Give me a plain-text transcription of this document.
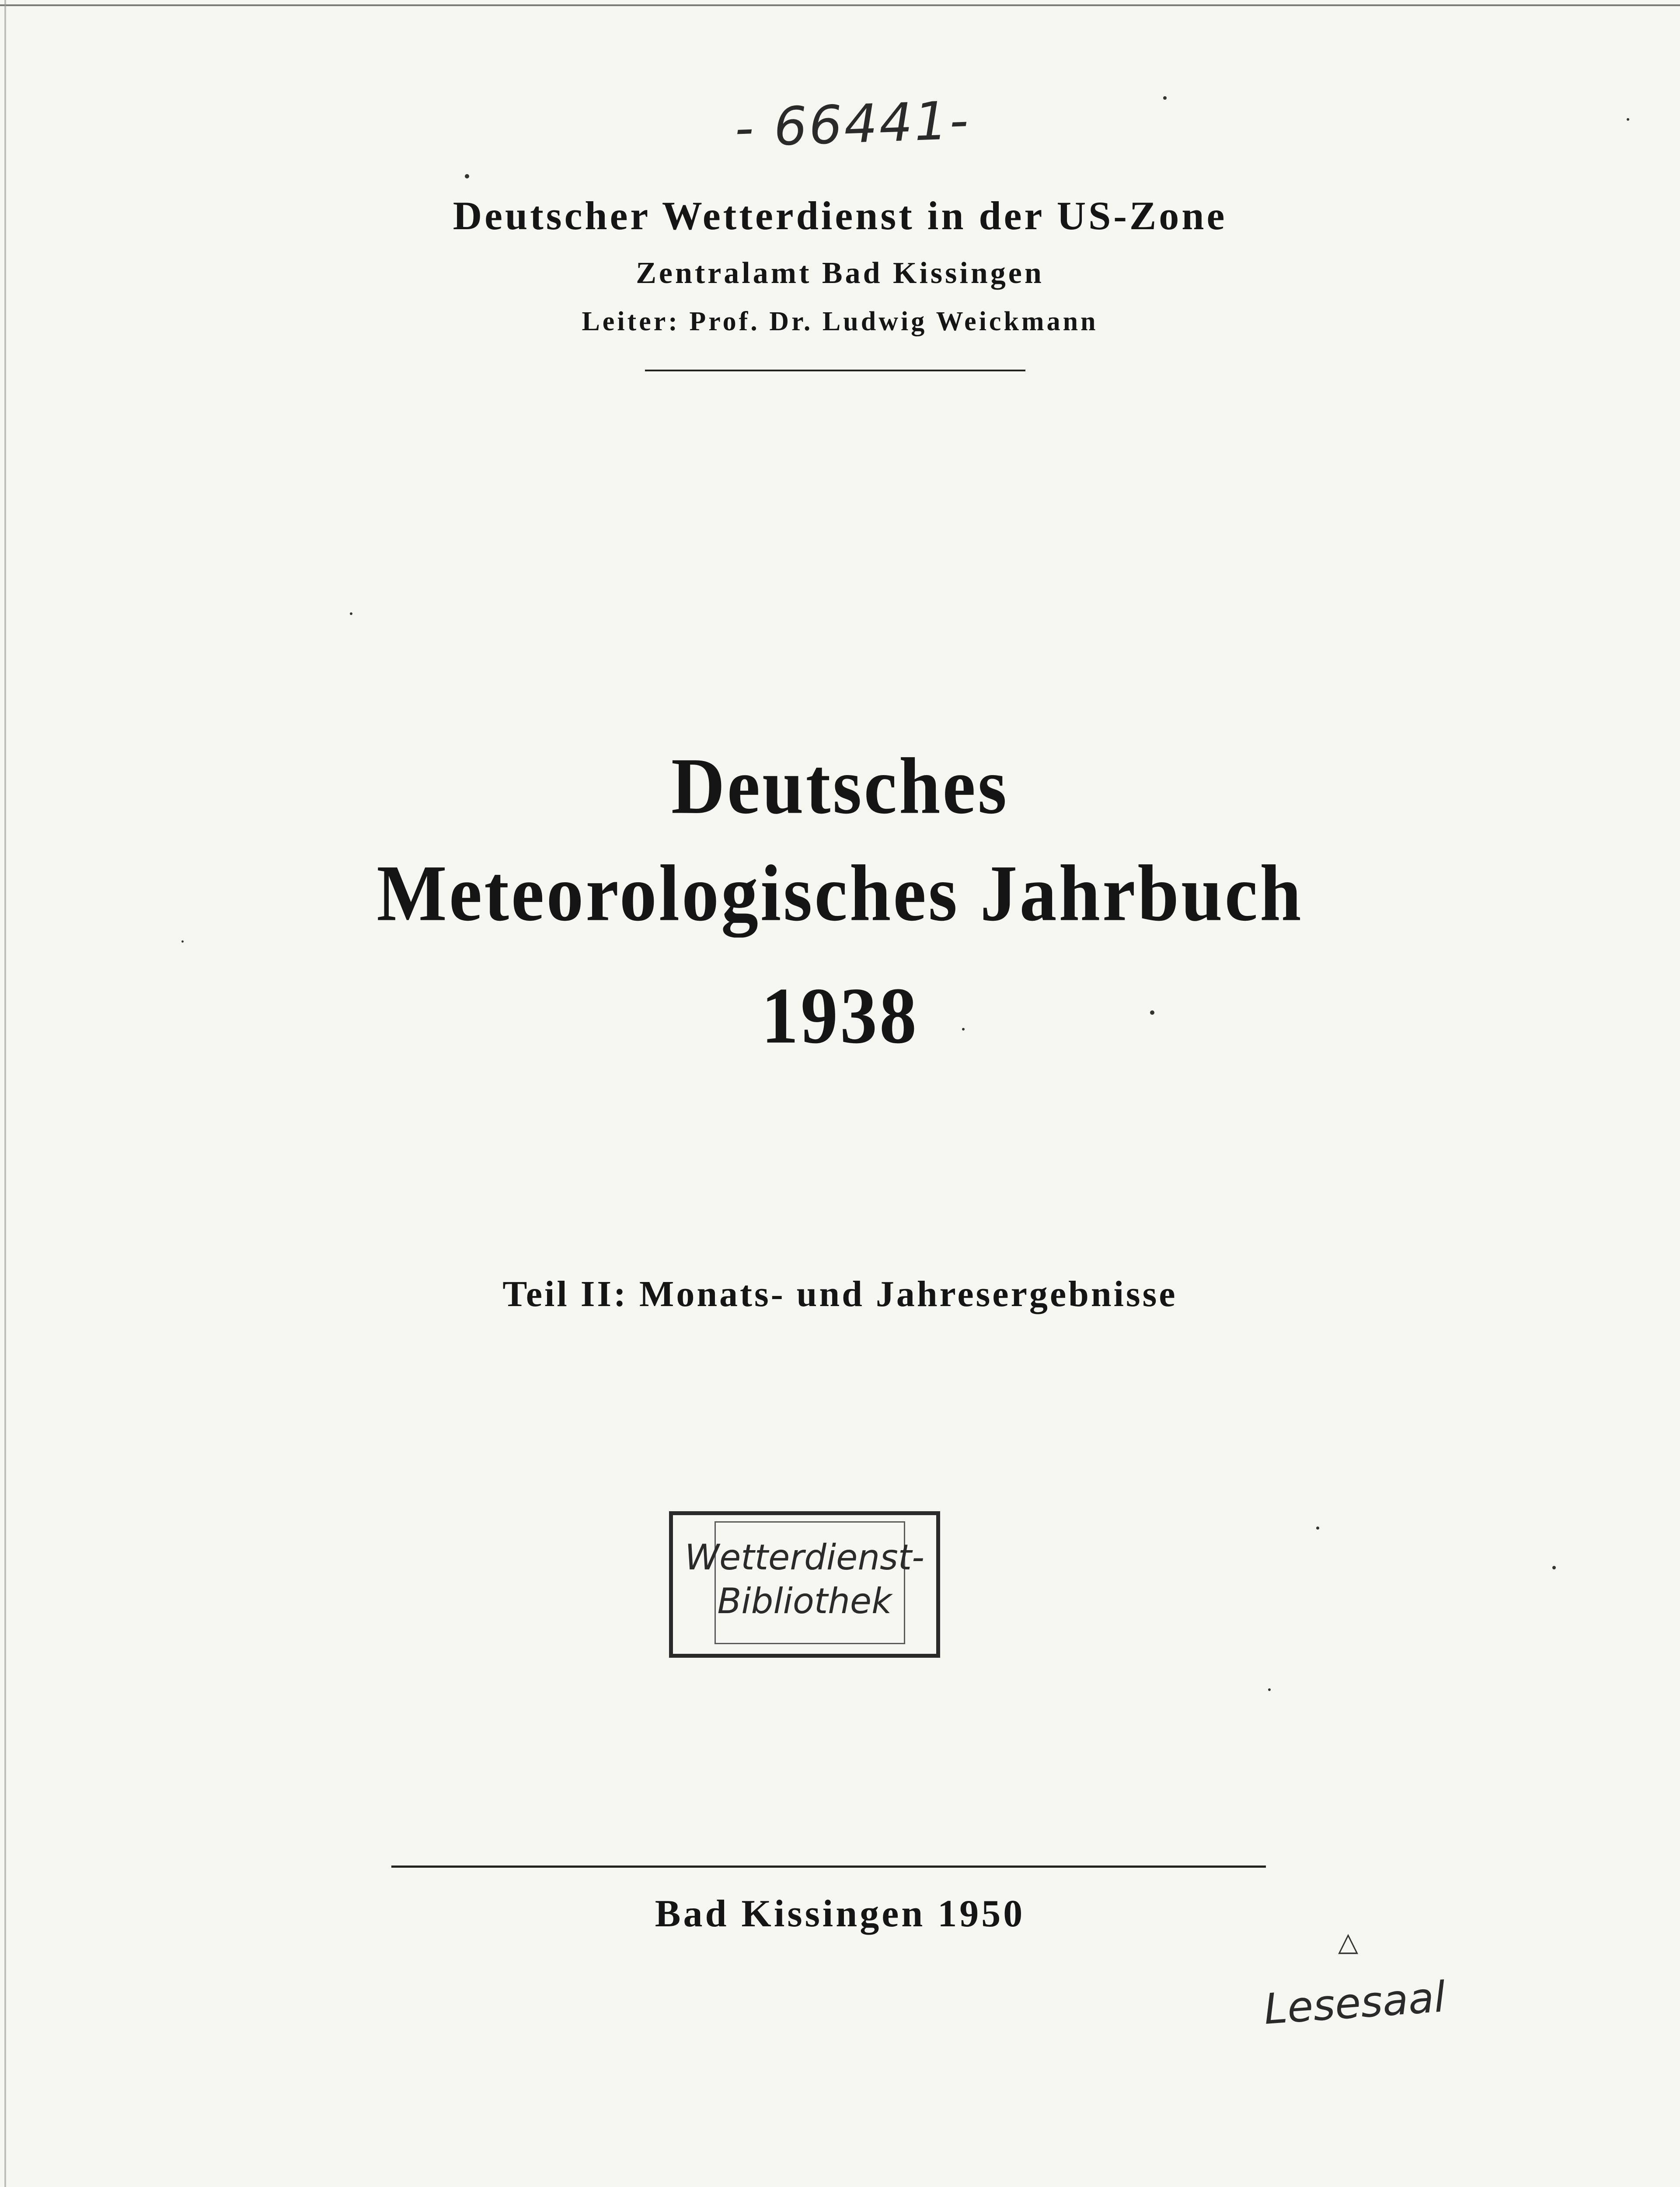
- 66441-
Deutscher Wetterdienst in der US-Zone
Zentralamt Bad Kissingen
Leiter: Prof. Dr. Ludwig Weickmann
Deutsches
Meteorologisches Jahrbuch
1938
Teil II: Monats- und Jahresergebnisse
Wetterdienst-
Bibliothek
Bad Kissingen 1950
△
Lesesaal
